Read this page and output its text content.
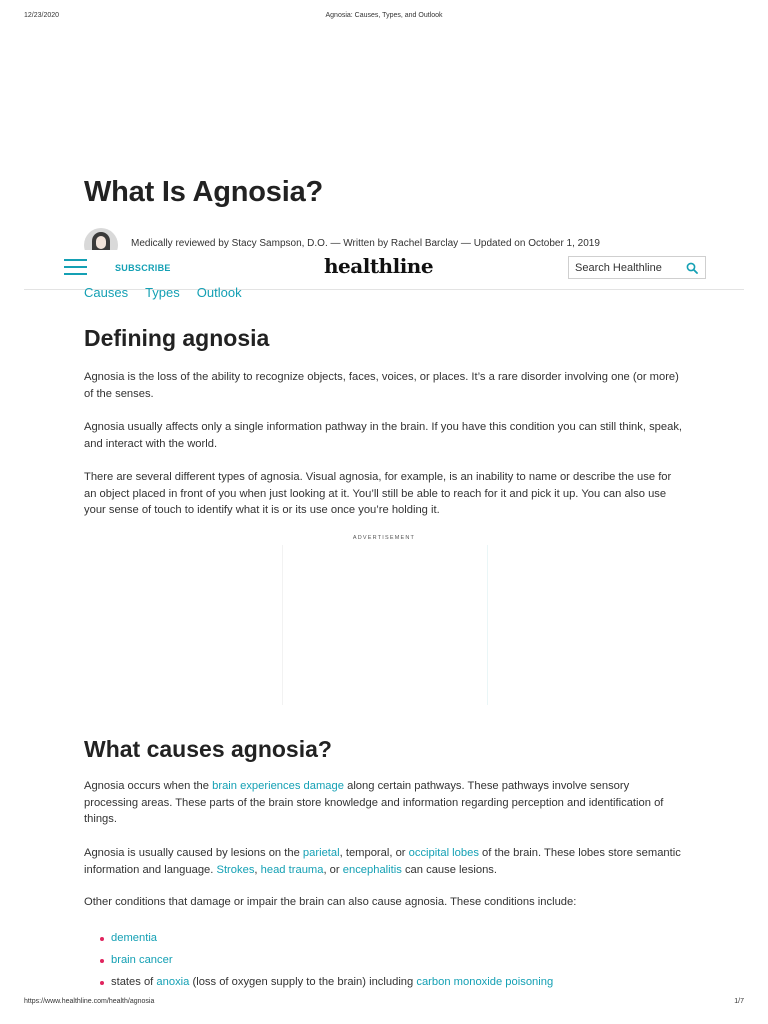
12/23/2020	Agnosia: Causes, Types, and Outlook
What Is Agnosia?
Medically reviewed by Stacy Sampson, D.O. — Written by Rachel Barclay — Updated on October 1, 2019
SUBSCRIBE	healthline
Search Healthline
Causes Types Outlook
Defining agnosia

Agnosia is the loss of the ability to recognize objects, faces, voices, or places. It’s a rare disorder involving one (or more) of the senses.

Agnosia usually affects only a single information pathway in the brain. If you have this condition you can still think, speak, and interact with the world.

There are several different types of agnosia. Visual agnosia, for example, is an inability to name or describe the use for an object placed in front of you when just looking at it. You’ll still be able to reach for it and pick it up. You can also use your sense of touch to identify what it is or its use once you’re holding it.

ADVERTISEMENT
What causes agnosia?

Agnosia occurs when the brain experiences damage along certain pathways. These pathways involve sensory processing areas. These parts of the brain store knowledge and information regarding perception and identification of things.

Agnosia is usually caused by lesions on the parietal, temporal, or occipital lobes of the brain. These lobes store semantic information and language. Strokes, head trauma, or encephalitis can cause lesions.

Other conditions that damage or impair the brain can also cause agnosia. These conditions include:

dementia
brain cancer
states of anoxia (loss of oxygen supply to the brain) including carbon monoxide poisoning
https://www.healthline.com/health/agnosia	1/7
